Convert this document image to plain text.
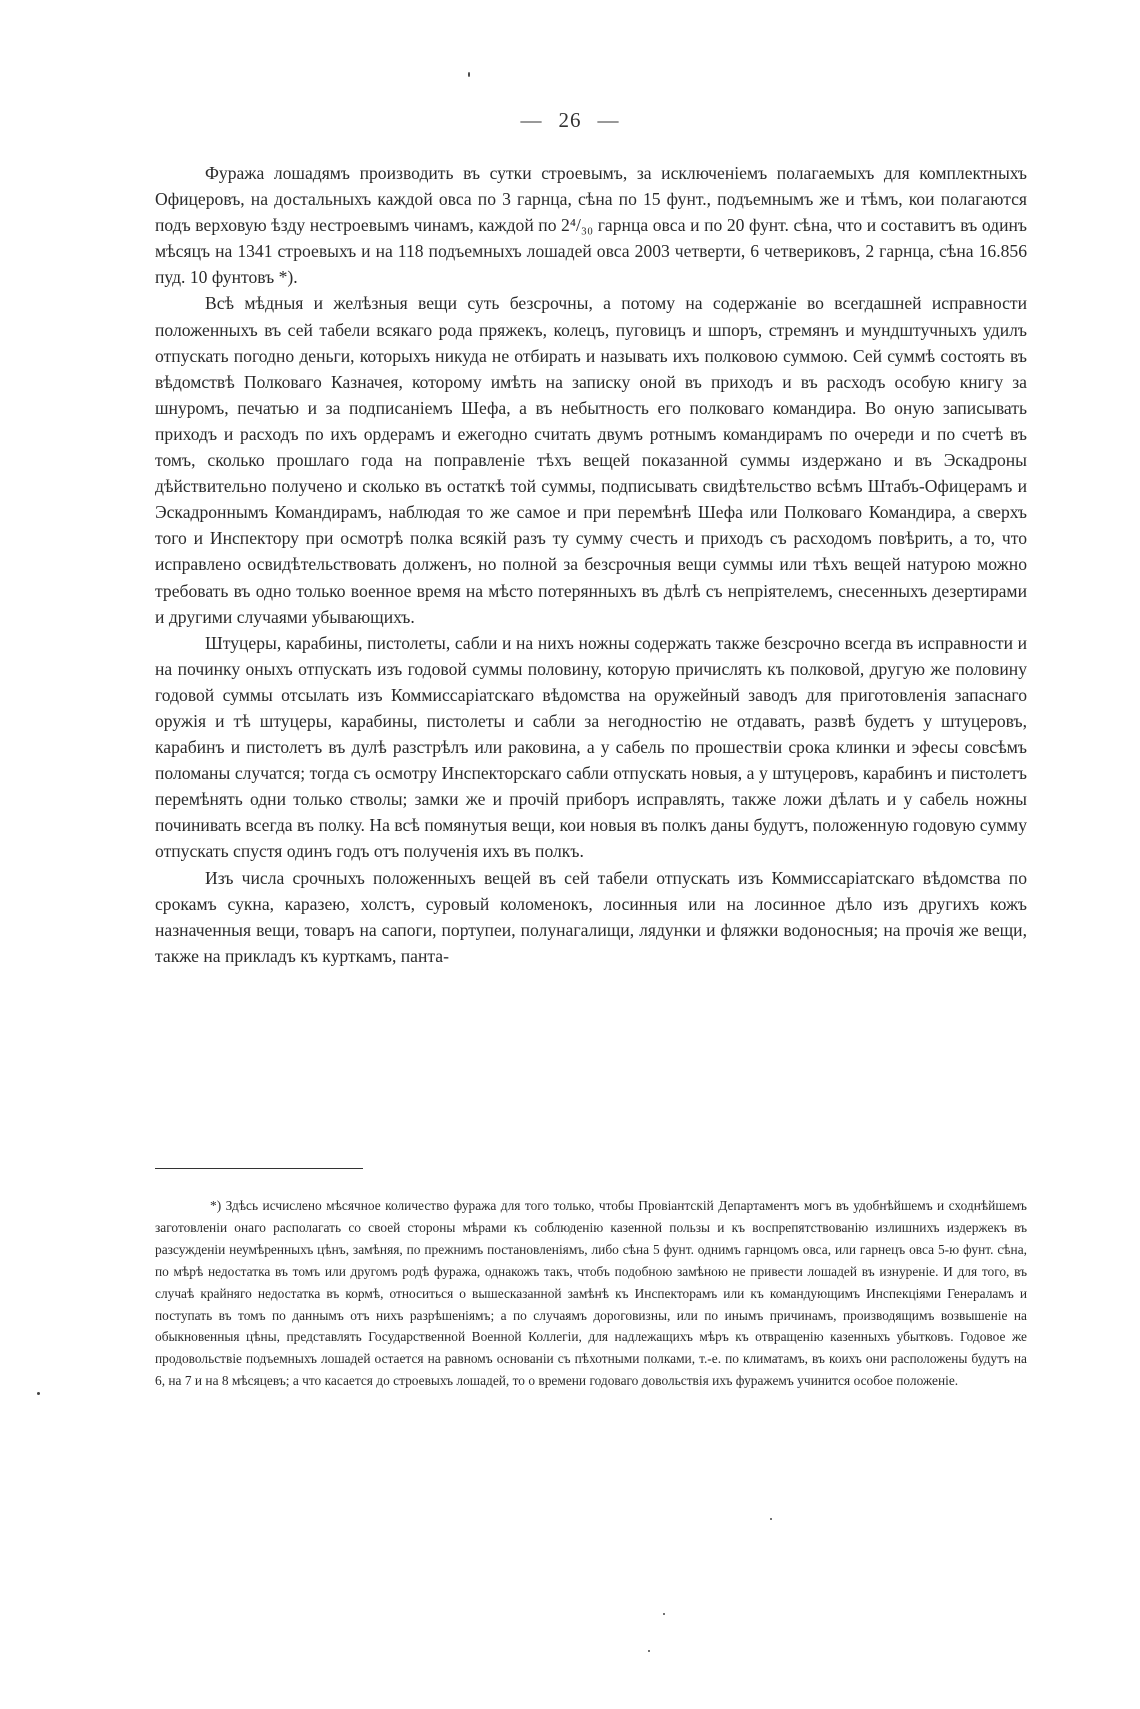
— 26 —

Фуража лошадямъ производить въ сутки строевымъ, за исключеніемъ полагаемыхъ для комплектныхъ Офицеровъ, на достальныхъ каждой овса по 3 гарнца, сѣна по 15 фунт., подъемнымъ же и тѣмъ, кои полагаются подъ верховую ѣзду нестроевымъ чинамъ, каждой по 2⁴/₃₀ гарнца овса и по 20 фунт. сѣна, что и составитъ въ одинъ мѣсяцъ на 1341 строевыхъ и на 118 подъемныхъ лошадей овса 2003 четверти, 6 четвериковъ, 2 гарнца, сѣна 16.856 пуд. 10 фунтовъ *).

Всѣ мѣдныя и желѣзныя вещи суть безсрочны, а потому на содержаніе во всегдашней исправности положенныхъ въ сей табели всякаго рода пряжекъ, колецъ, пуговицъ и шпоръ, стремянъ и мундштучныхъ удилъ отпускать погодно деньги, которыхъ никуда не отбирать и называть ихъ полковою суммою. Сей суммѣ состоять въ вѣдомствѣ Полковаго Казначея, которому имѣть на записку оной въ приходъ и въ расходъ особую книгу за шнуромъ, печатью и за подписаніемъ Шефа, а въ небытность его полковаго командира. Во оную записывать приходъ и расходъ по ихъ ордерамъ и ежегодно считать двумъ ротнымъ командирамъ по очереди и по счетѣ въ томъ, сколько прошлаго года на поправленіе тѣхъ вещей показанной суммы издержано и въ Эскадроны дѣйствительно получено и сколько въ остаткѣ той суммы, подписывать свидѣтельство всѣмъ Штабъ-Офицерамъ и Эскадроннымъ Командирамъ, наблюдая то же самое и при перемѣнѣ Шефа или Полковаго Командира, а сверхъ того и Инспектору при осмотрѣ полка всякій разъ ту сумму счесть и приходъ съ расходомъ повѣрить, а то, что исправлено освидѣтельствовать долженъ, но полной за безсрочныя вещи суммы или тѣхъ вещей натурою можно требовать въ одно только военное время на мѣсто потерянныхъ въ дѣлѣ съ непріятелемъ, снесенныхъ дезертирами и другими случаями убывающихъ.

Штуцеры, карабины, пистолеты, сабли и на нихъ ножны содержать также безсрочно всегда въ исправности и на починку оныхъ отпускать изъ годовой суммы половину, которую причислять къ полковой, другую же половину годовой суммы отсылать изъ Коммиссаріатскаго вѣдомства на оружейный заводъ для приготовленія запаснаго оружія и тѣ штуцеры, карабины, пистолеты и сабли за негодностію не отдавать, развѣ будетъ у штуцеровъ, карабинъ и пистолетъ въ дулѣ разстрѣлъ или раковина, а у сабель по прошествіи срока клинки и эфесы совсѣмъ поломаны случатся; тогда съ осмотру Инспекторскаго сабли отпускать новыя, а у штуцеровъ, карабинъ и пистолетъ перемѣнять одни только стволы; замки же и прочій приборъ исправлять, также ложи дѣлать и у сабель ножны починивать всегда въ полку. На всѣ помянутыя вещи, кои новыя въ полкъ даны будутъ, положенную годовую сумму отпускать спустя одинъ годъ отъ полученія ихъ въ полкъ.

Изъ числа срочныхъ положенныхъ вещей въ сей табели отпускать изъ Коммиссаріатскаго вѣдомства по срокамъ сукна, каразею, холстъ, суровый коломенокъ, лосинныя или на лосинное дѣло изъ другихъ кожъ назначенныя вещи, товаръ на сапоги, портупеи, полунагалищи, лядунки и фляжки водоносныя; на прочія же вещи, также на прикладъ къ курткамъ, панта-

*) Здѣсь исчислено мѣсячное количество фуража для того только, чтобы Провіантскій Департаментъ могъ въ удобнѣйшемъ и сходнѣйшемъ заготовленіи онаго располагать со своей стороны мѣрами къ соблюденію казенной пользы и къ воспрепятствованію излишнихъ издержекъ въ разсужденіи неумѣренныхъ цѣнъ, замѣняя, по прежнимъ постановленіямъ, либо сѣна 5 фунт. однимъ гарнцомъ овса, или гарнецъ овса 5-ю фунт. сѣна, по мѣрѣ недостатка въ томъ или другомъ родѣ фуража, однакожъ такъ, чтобъ подобною замѣною не привести лошадей въ изнуреніе. И для того, въ случаѣ крайняго недостатка въ кормѣ, относиться о вышесказанной замѣнѣ къ Инспекторамъ или къ командующимъ Инспекціями Генераламъ и поступать въ томъ по даннымъ отъ нихъ разрѣшеніямъ; а по случаямъ дороговизны, или по инымъ причинамъ, производящимъ возвышеніе на обыкновенныя цѣны, представлять Государственной Военной Коллегіи, для надлежащихъ мѣръ къ отвращенію казенныхъ убытковъ. Годовое же продовольствіе подъемныхъ лошадей остается на равномъ основаніи съ пѣхотными полками, т.-е. по климатамъ, въ коихъ они расположены будутъ на 6, на 7 и на 8 мѣсяцевъ; а что касается до строевыхъ лошадей, то о времени годоваго довольствія ихъ фуражемъ учинится особое положеніе.
